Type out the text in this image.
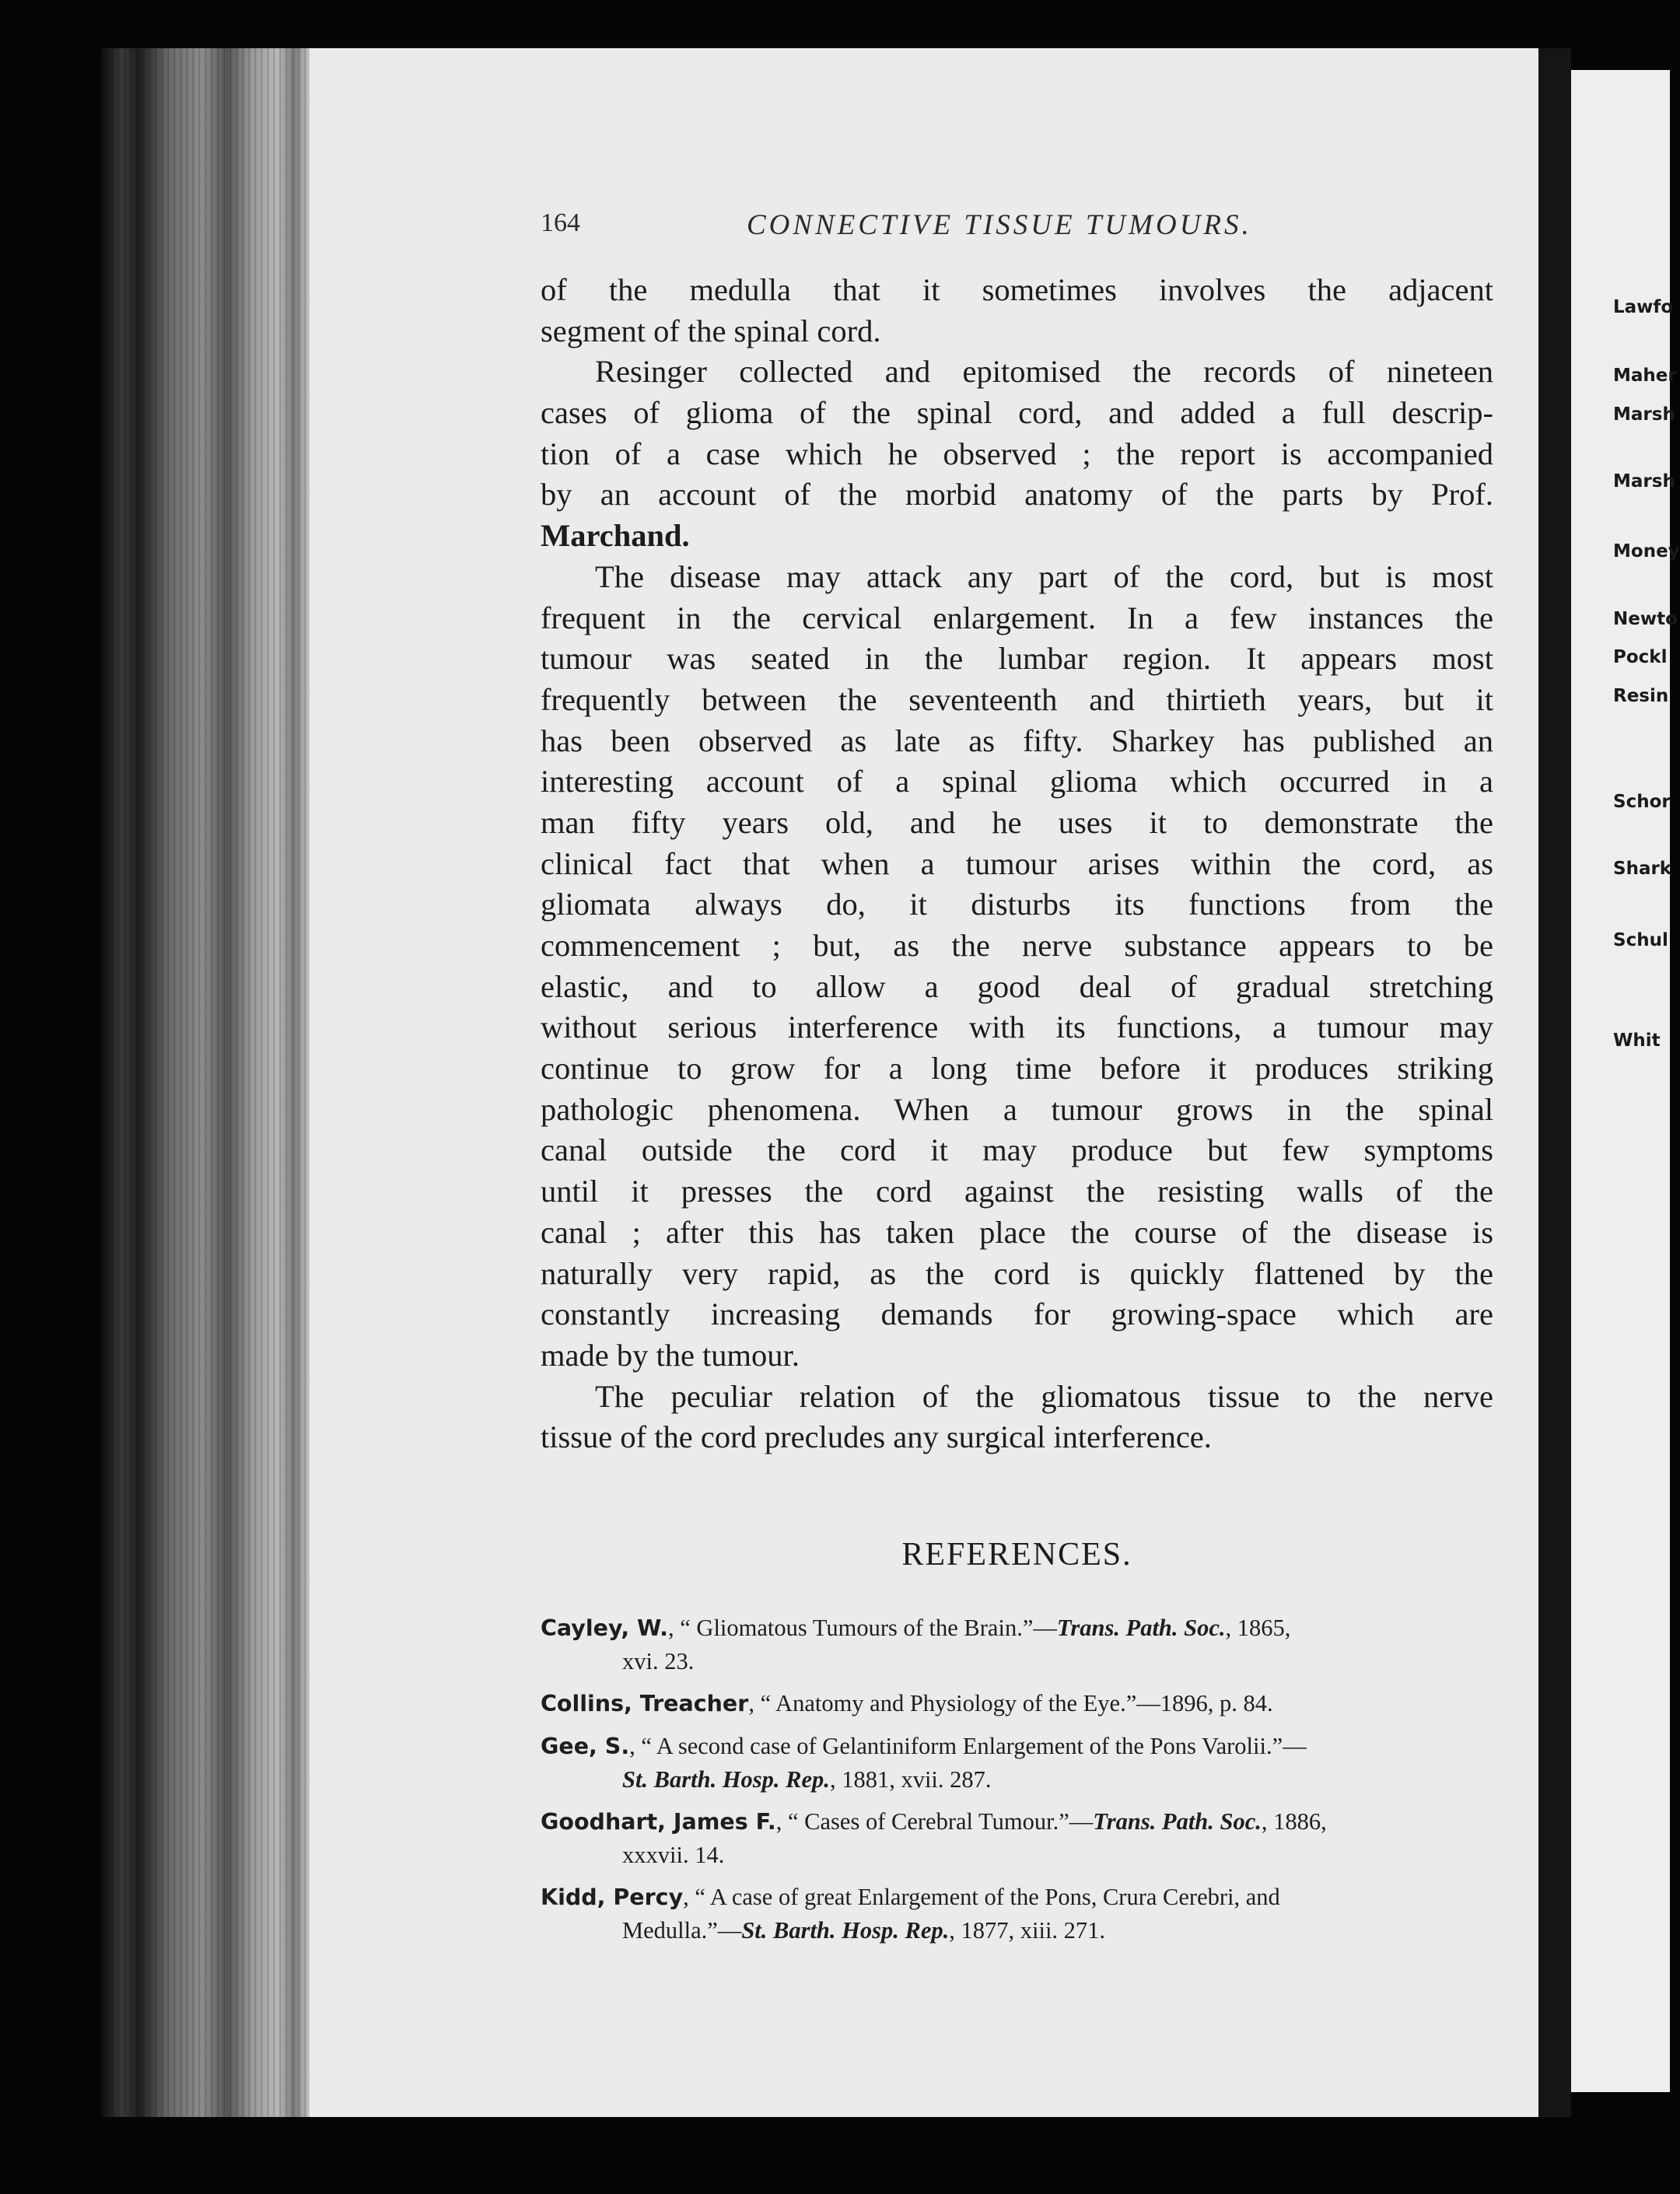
Lawfo
Maher
Marsh
Marsh
Money
Newto
Pockl
Resin
Schor
Shark
Schul
Whit
164	CONNECTIVE TISSUE TUMOURS.
of the medulla that it sometimes involves the adjacent
segment of the spinal cord.
Resinger collected and epitomised the records of nineteen
cases of glioma of the spinal cord, and added a full descrip-
tion of a case which he observed ; the report is accompanied
by an account of the morbid anatomy of the parts by Prof.
Marchand.
The disease may attack any part of the cord, but is most
frequent in the cervical enlargement. In a few instances the
tumour was seated in the lumbar region. It appears most
frequently between the seventeenth and thirtieth years, but it
has been observed as late as fifty. Sharkey has published an
interesting account of a spinal glioma which occurred in a
man fifty years old, and he uses it to demonstrate the
clinical fact that when a tumour arises within the cord, as
gliomata always do, it disturbs its functions from the
commencement ; but, as the nerve substance appears to be
elastic, and to allow a good deal of gradual stretching
without serious interference with its functions, a tumour may
continue to grow for a long time before it produces striking
pathologic phenomena. When a tumour grows in the spinal
canal outside the cord it may produce but few symptoms
until it presses the cord against the resisting walls of the
canal ; after this has taken place the course of the disease is
naturally very rapid, as the cord is quickly flattened by the
constantly increasing demands for growing-space which are
made by the tumour.
The peculiar relation of the gliomatous tissue to the nerve
tissue of the cord precludes any surgical interference.
REFERENCES.
Cayley, W., “ Gliomatous Tumours of the Brain.”—Trans. Path. Soc., 1865,
xvi. 23.
Collins, Treacher, “ Anatomy and Physiology of the Eye.”—1896, p. 84.
Gee, S., “ A second case of Gelantiniform Enlargement of the Pons Varolii.”—
St. Barth. Hosp. Rep., 1881, xvii. 287.
Goodhart, James F., “ Cases of Cerebral Tumour.”—Trans. Path. Soc., 1886,
xxxvii. 14.
Kidd, Percy, “ A case of great Enlargement of the Pons, Crura Cerebri, and
Medulla.”—St. Barth. Hosp. Rep., 1877, xiii. 271.
